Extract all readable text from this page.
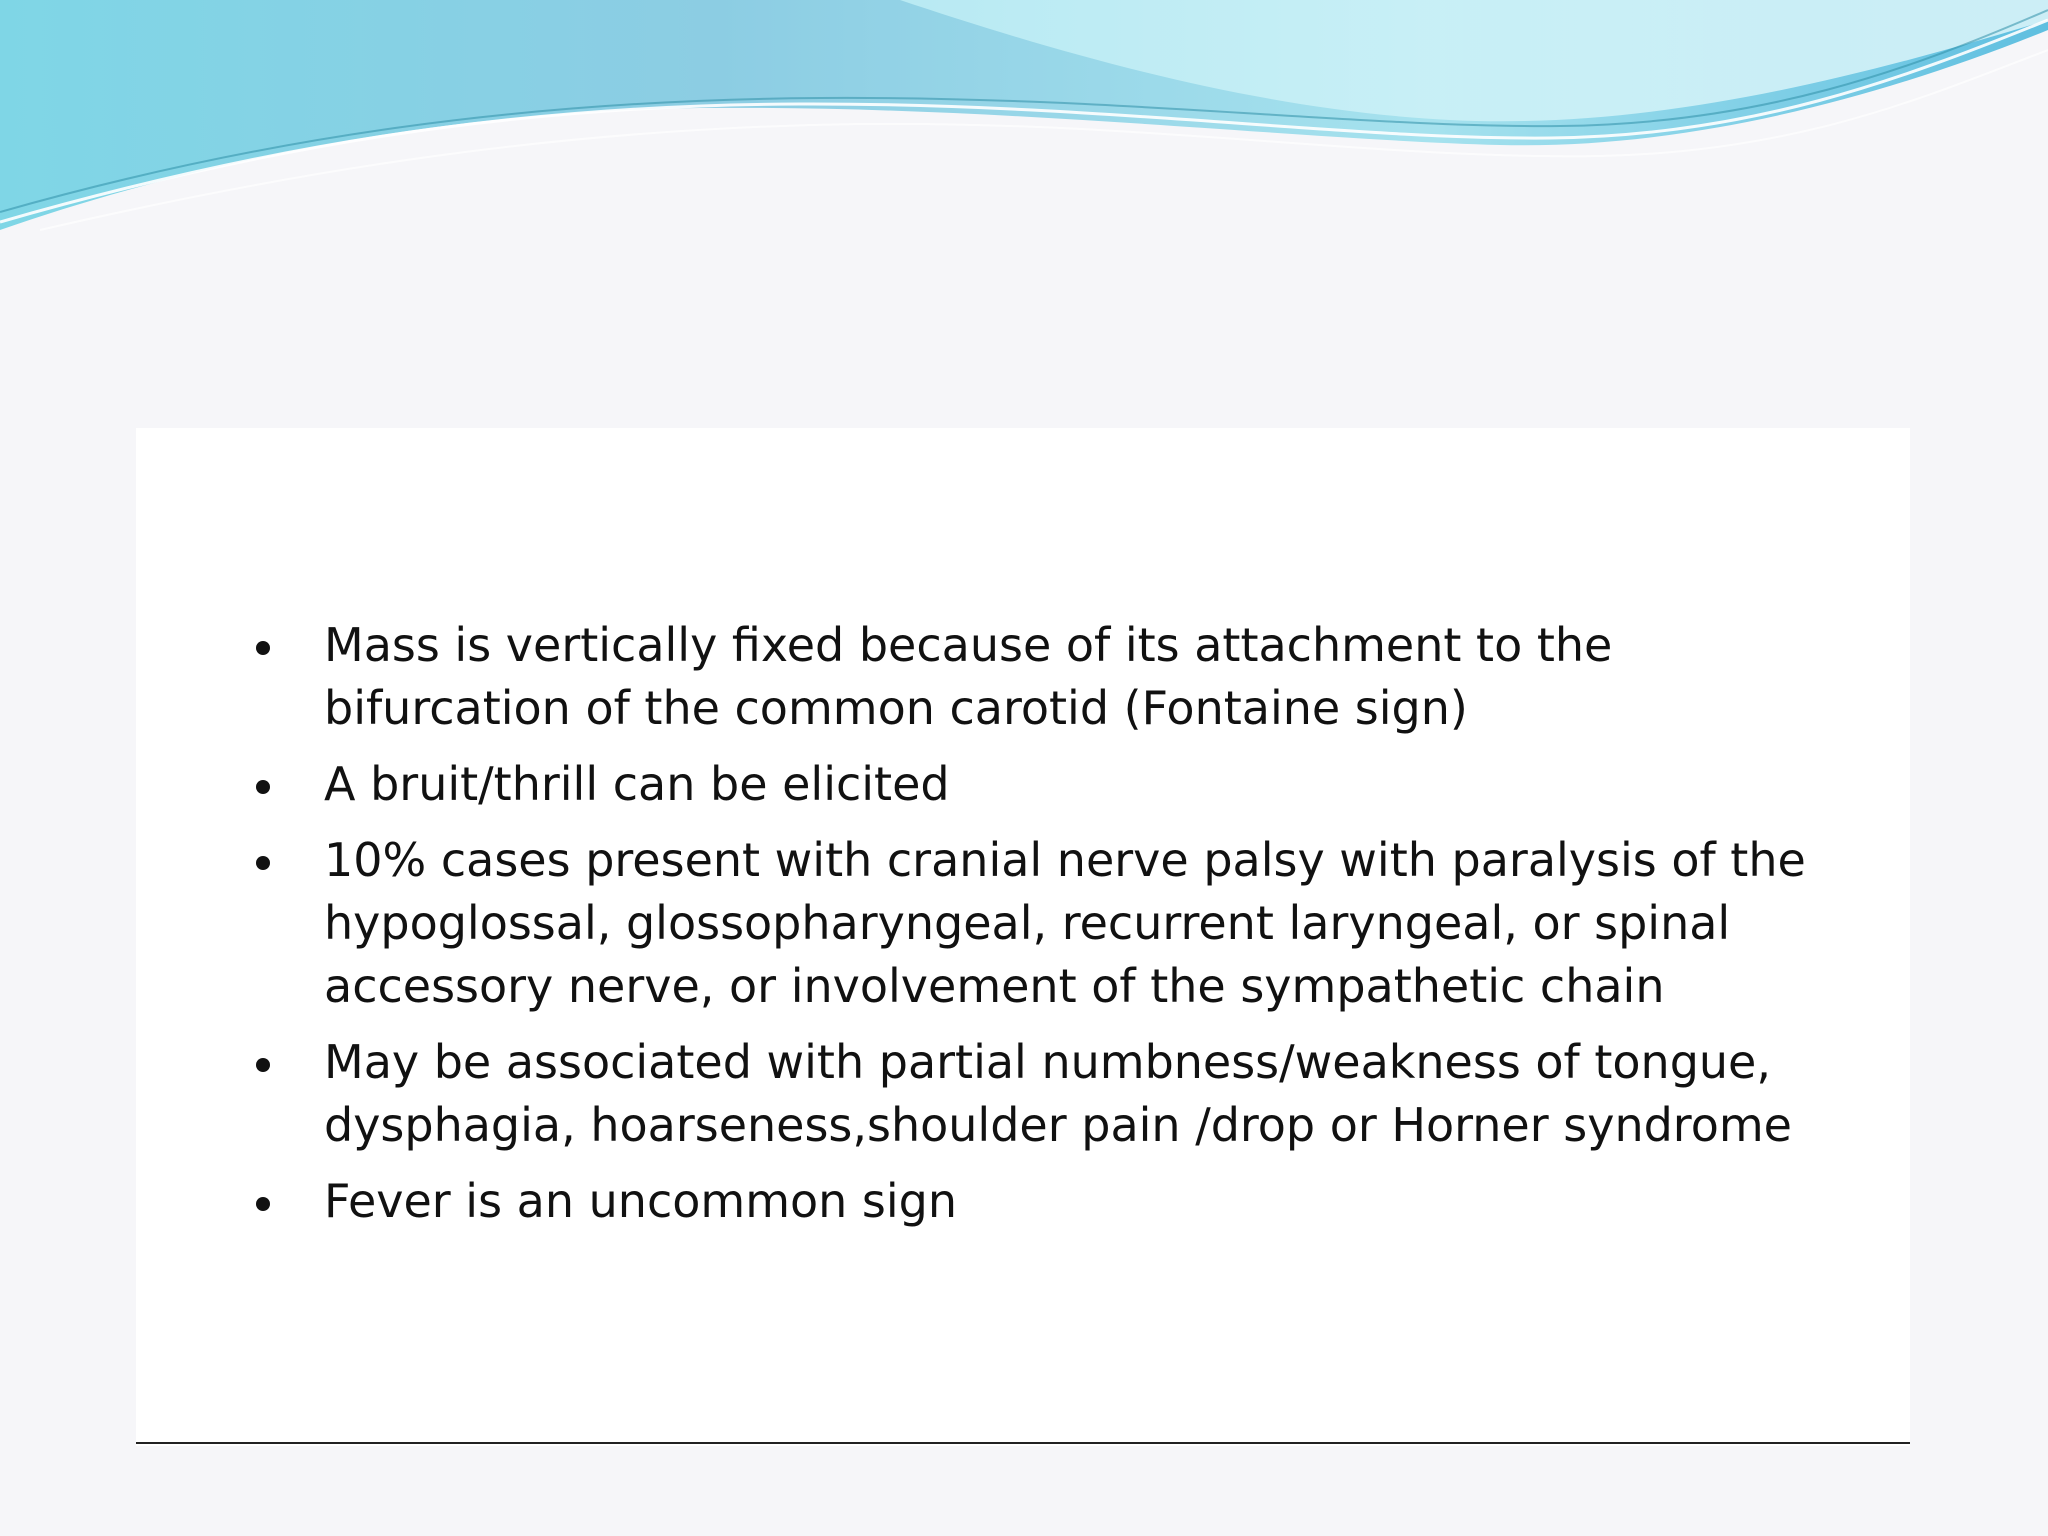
Mass is vertically fixed because of its attachment to the bifurcation of the common carotid (Fontaine sign)
A bruit/thrill can be elicited
10% cases present with cranial nerve palsy with paralysis of the hypoglossal, glossopharyngeal, recurrent laryngeal, or spinal accessory nerve, or involvement of the sympathetic chain
May be associated with partial numbness/weakness of tongue, dysphagia, hoarseness,shoulder pain /drop or Horner syndrome
Fever is an uncommon sign
